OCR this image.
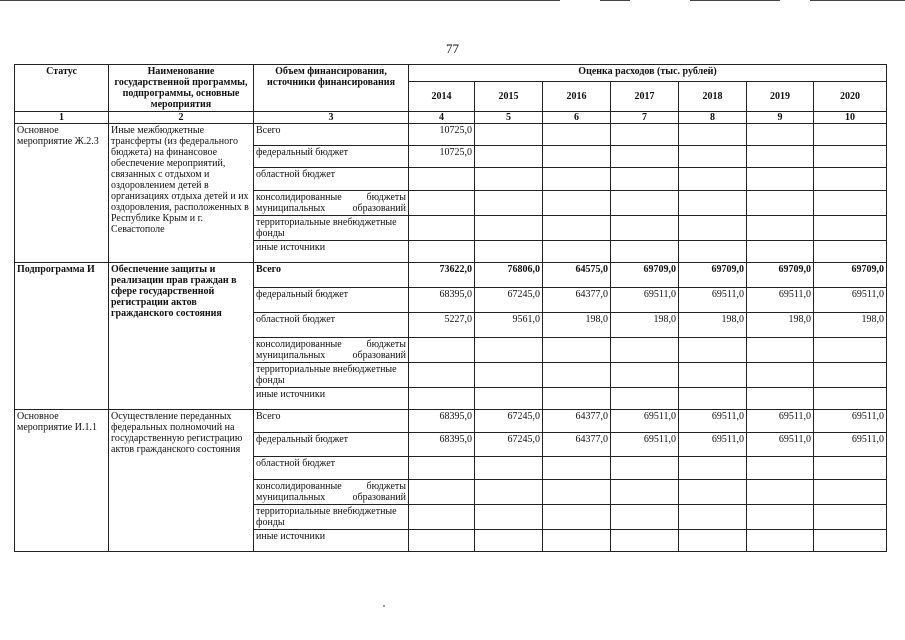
77
Статус	Наименование государственной программы, подпрограммы, основные мероприятия	Объем финансирования, источники финансирования	Оценка расходов (тыс. рублей)						
			2014	2015	2016	2017	2018	2019	2020
1	2	3	4	5	6	7	8	9	10
Основное мероприятие Ж.2.3	Иные межбюджетные трансферты (из федерального бюджета) на финансовое обеспечение мероприятий, связанных с отдыхом и оздоровлением детей в организациях отдыха детей и их оздоровления, расположенных в Республике Крым и г. Севастополе	Всего	10725,0						
		федеральный бюджет	10725,0						
		областной бюджет							
		консолидированные бюджеты муниципальных образований							
		территориальные внебюджетные фонды							
		иные источники							
Подпрограмма И	Обеспечение защиты и реализации прав граждан в сфере государственной регистрации актов гражданского состояния	Всего	73622,0	76806,0	64575,0	69709,0	69709,0	69709,0	69709,0
		федеральный бюджет	68395,0	67245,0	64377,0	69511,0	69511,0	69511,0	69511,0
		областной бюджет	5227,0	9561,0	198,0	198,0	198,0	198,0	198,0
		консолидированные бюджеты муниципальных образований							
		территориальные внебюджетные фонды							
		иные источники							
Основное мероприятие И.1.1	Осуществление переданных федеральных полномочий на государственную регистрацию актов гражданского состояния	Всего	68395,0	67245,0	64377,0	69511,0	69511,0	69511,0	69511,0
		федеральный бюджет	68395,0	67245,0	64377,0	69511,0	69511,0	69511,0	69511,0
		областной бюджет							
		консолидированные бюджеты муниципальных образований							
		территориальные внебюджетные фонды							
		иные источники							
